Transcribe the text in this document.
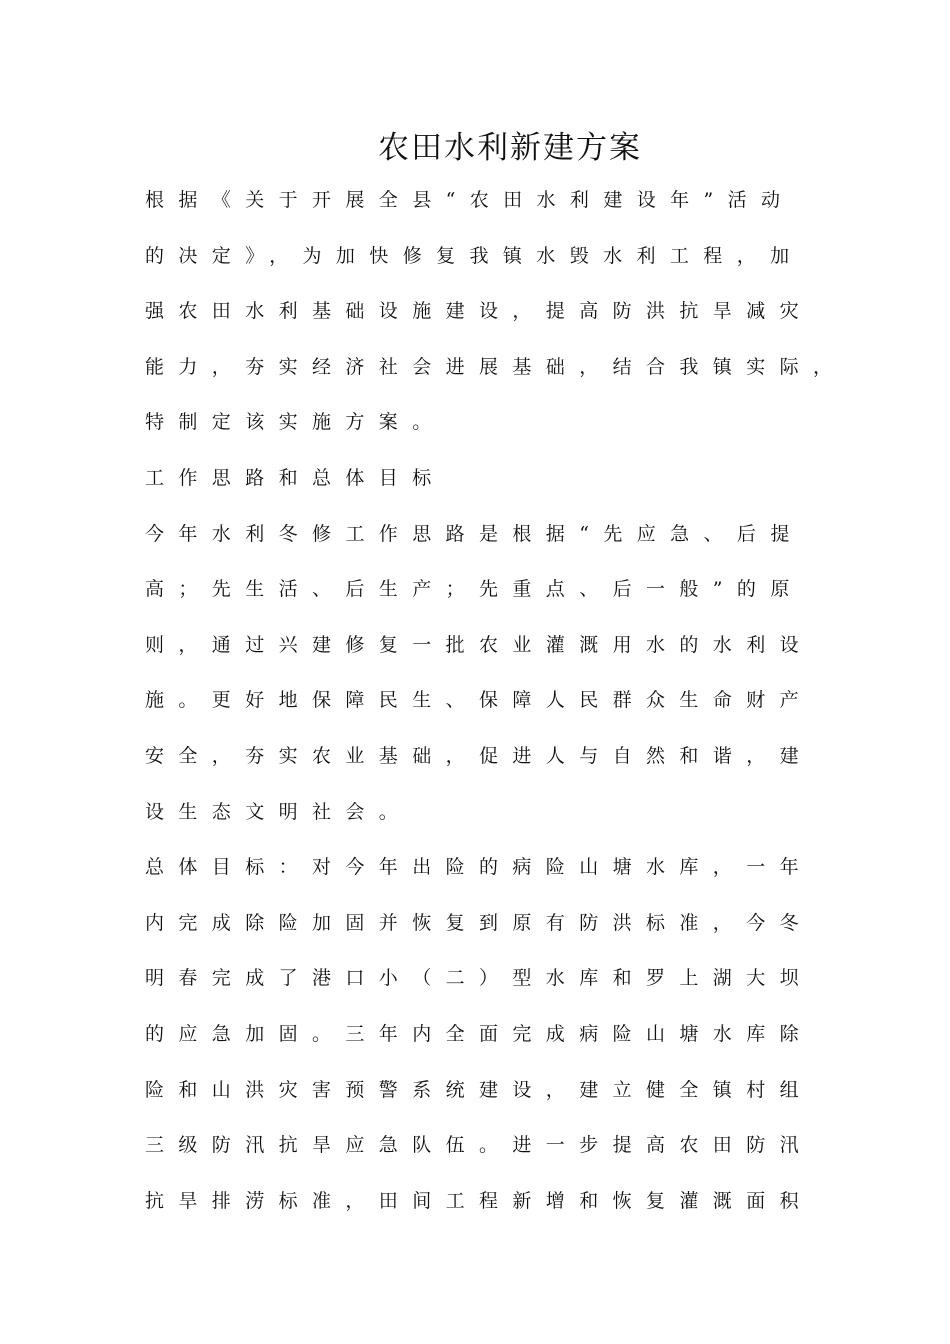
农田水利新建方案
根据《关于开展全县“农田水利建设年”活动
的决定》，为加快修复我镇水毁水利工程，加
强农田水利基础设施建设，提高防洪抗旱减灾
能力，夯实经济社会进展基础，结合我镇实际，
特制定该实施方案。
工作思路和总体目标
今年水利冬修工作思路是根据“先应急、后提
高；先生活、后生产；先重点、后一般”的原
则，通过兴建修复一批农业灌溉用水的水利设
施。更好地保障民生、保障人民群众生命财产
安全，夯实农业基础，促进人与自然和谐，建
设生态文明社会。
总体目标：对今年出险的病险山塘水库，一年
内完成除险加固并恢复到原有防洪标准，今冬
明春完成了港口小（二）型水库和罗上湖大坝
的应急加固。三年内全面完成病险山塘水库除
险和山洪灾害预警系统建设，建立健全镇村组
三级防汛抗旱应急队伍。进一步提高农田防汛
抗旱排涝标准，田间工程新增和恢复灌溉面积
